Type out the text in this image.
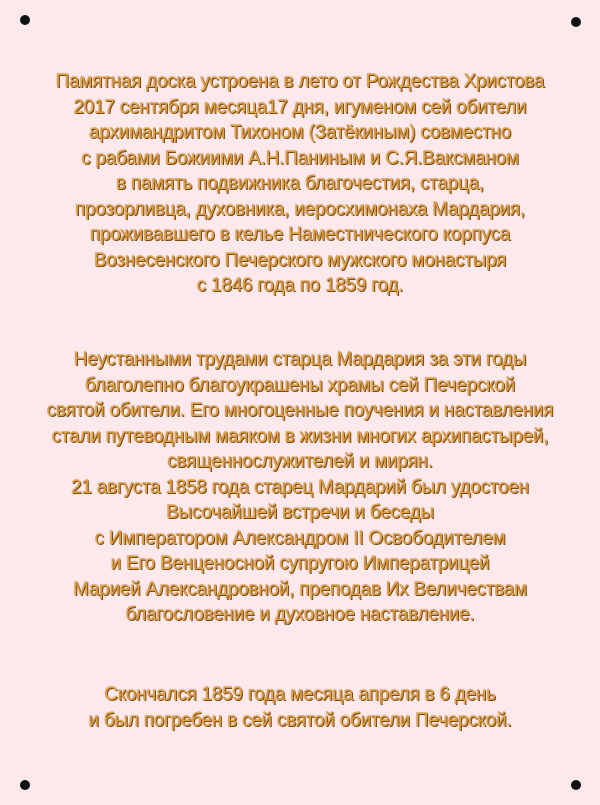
Памятная доска устроена в лето от Рождества Христова
2017 сентября месяца17 дня, игуменом сей обители
архимандритом Тихоном (Затёкиным) совместно
с рабами Божиими А.Н.Паниным и С.Я.Ваксманом
в память подвижника благочестия, старца,
прозорливца, духовника, иеросхимонаха Мардария,
проживавшего в келье Наместнического корпуса
Вознесенского Печерского мужского монастыря
с 1846 года по 1859 год.
Неустанными трудами старца Мардария за эти годы
благолепно благоукрашены храмы сей Печерской
святой обители. Его многоценные поучения и наставления
стали путеводным маяком в жизни многих архипастырей,
священнослужителей и мирян.
21 августа 1858 года старец Мардарий был удостоен
Высочайшей встречи и беседы
с Императором Александром II Освободителем
и Его Венценосной супругою Императрицей
Марией Александровной, преподав Их Величествам
благословение и духовное наставление.
Скончался 1859 года месяца апреля в 6 день
и был погребен в сей святой обители Печерской.
